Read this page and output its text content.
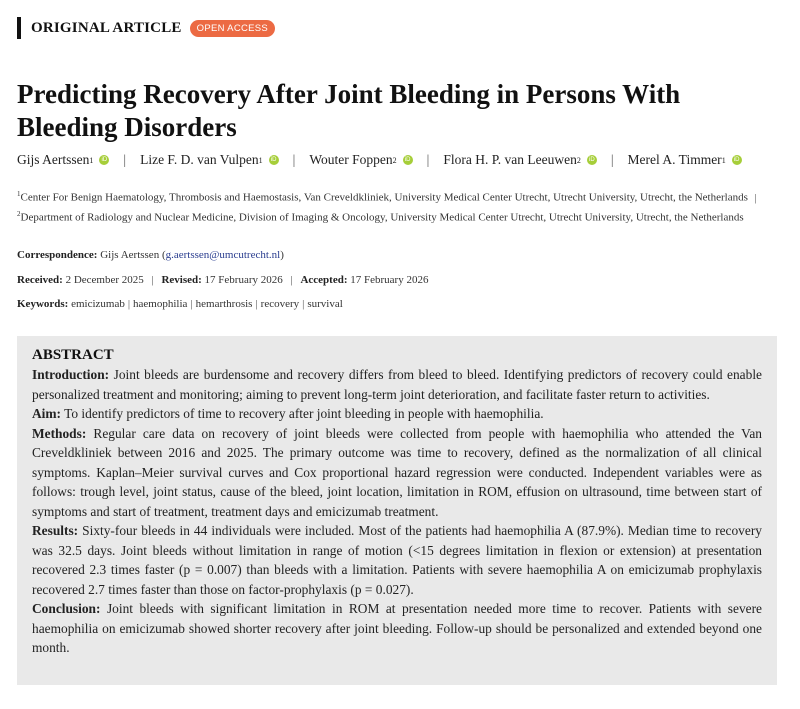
ORIGINAL ARTICLE	OPEN ACCESS
Predicting Recovery After Joint Bleeding in Persons With Bleeding Disorders
Gijs Aertssen 1	iD | Lize F. D. van Vulpen 1	iD | Wouter Foppen 2	iD | Flora H. P. van Leeuwen 2	iD | Merel A. Timmer 1	iD
$^1$Center For Benign Haematology, Thrombosis and Haemostasis, Van Creveldkliniek, University Medical Center Utrecht, Utrecht University, Utrecht, the Netherlands | $^2$Department of Radiology and Nuclear Medicine, Division of Imaging & Oncology, University Medical Center Utrecht, Utrecht University, Utrecht, the Netherlands
Correspondence: Gijs Aertssen (g.aertssen@umcutrecht.nl)
Received: 2 December 2025 | Revised: 17 February 2026 | Accepted: 17 February 2026
Keywords: emicizumab | haemophilia | hemarthrosis | recovery | survival
ABSTRACT

Introduction: Joint bleeds are burdensome and recovery differs from bleed to bleed. Identifying predictors of recovery could enable personalized treatment and monitoring; aiming to prevent long-term joint deterioration, and facilitate faster return to activities.

Aim: To identify predictors of time to recovery after joint bleeding in people with haemophilia.

Methods: Regular care data on recovery of joint bleeds were collected from people with haemophilia who attended the Van Creveldkliniek between 2016 and 2025. The primary outcome was time to recovery, defined as the normalization of all clinical symptoms. Kaplan–Meier survival curves and Cox proportional hazard regression were conducted. Independent variables were as follows: trough level, joint status, cause of the bleed, joint location, limitation in ROM, effusion on ultrasound, time between start of symptoms and start of treatment, treatment days and emicizumab treatment.

Results: Sixty-four bleeds in 44 individuals were included. Most of the patients had haemophilia A (87.9%). Median time to recovery was 32.5 days. Joint bleeds without limitation in range of motion (<15 degrees limitation in flexion or extension) at presentation recovered 2.3 times faster (p = 0.007) than bleeds with a limitation. Patients with severe haemophilia A on emicizumab prophylaxis recovered 2.7 times faster than those on factor-prophylaxis (p = 0.027).

Conclusion: Joint bleeds with significant limitation in ROM at presentation needed more time to recover. Patients with severe haemophilia on emicizumab showed shorter recovery after joint bleeding. Follow-up should be personalized and extended beyond one month.
